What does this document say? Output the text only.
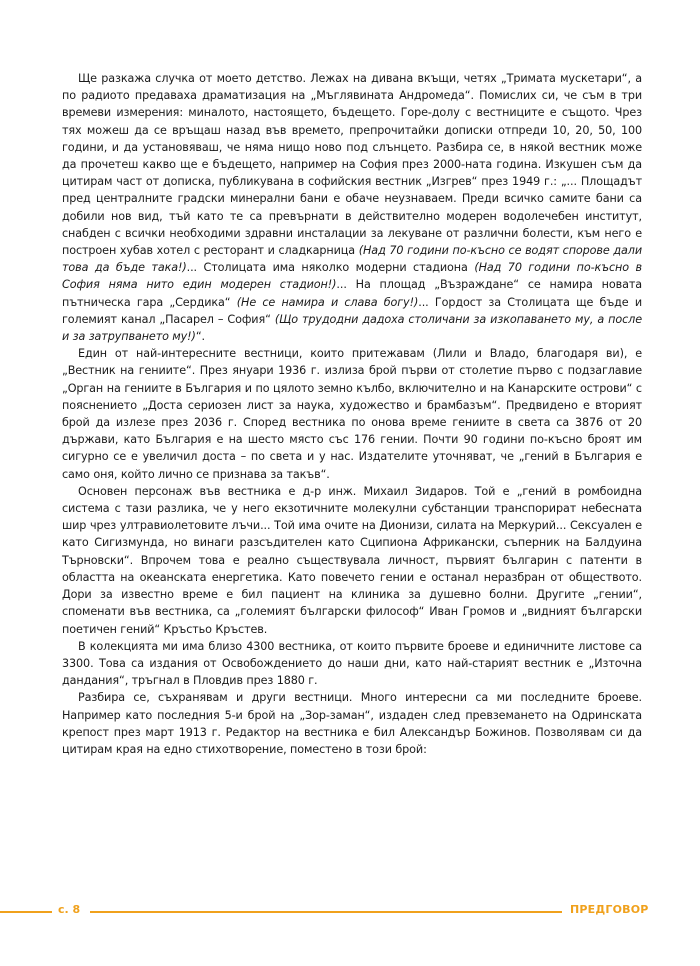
Ще разкажа случка от моето детство. Лежах на дивана вкъщи, четях „Тримата мускетари“, а по радиото предаваха драматизация на „Мъглявината Андромеда“. Помислих си, че съм в три времеви измерения: миналото, настоящето, бъдещето. Горе-долу с вестниците е същото. Чрез тях можеш да се връщаш назад във времето, препрочитайки дописки отпреди 10, 20, 50, 100 години, и да установяваш, че няма нищо ново под слънцето. Разбира се, в някой вестник може да прочетеш какво ще е бъдещето, например на София през 2000-ната година. Изкушен съм да цитирам част от дописка, публикувана в софийския вестник „Изгрев“ през 1949 г.: „... Площадът пред централните градски минерални бани е обаче неузнаваем. Преди всичко самите бани са добили нов вид, тъй като те са превърнати в действително модерен водолечебен институт, снабден с всички необходими здравни инсталации за лекуване от различни болести, към него е построен хубав хотел с ресторант и сладкарница (Над 70 години по-късно се водят спорове дали това да бъде така!)... Столицата има няколко модерни стадиона (Над 70 години по-късно в София няма нито един модерен стадион!)... На площад „Възраждане“ се намира новата пътническа гара „Сердика“ (Не се намира и слава богу!)... Гордост за Столицата ще бъде и големият канал „Пасарел – София“ (Що трудодни дадоха столичани за изкопаването му, а после и за затрупването му!)“.

Един от най-интересните вестници, които притежавам (Лили и Владо, благодаря ви), е „Вестник на гениите“. През януари 1936 г. излиза брой първи от столетие първо с подзаглавие „Орган на гениите в България и по цялото земно кълбо, включително и на Канарските острови“ с пояснението „Доста сериозен лист за наука, художество и брамбазъм“. Предвидено е вторият брой да излезе през 2036 г. Според вестника по онова време гениите в света са 3876 от 20 държави, като България е на шесто място със 176 гении. Почти 90 години по-късно броят им сигурно се е увеличил доста – по света и у нас. Издателите уточняват, че „гений в България е само оня, който лично се признава за такъв“.

Основен персонаж във вестника е д-р инж. Михаил Зидаров. Той е „гений в ромбоидна система с тази разлика, че у него екзотичните молекулни субстанции транспорират небесната шир чрез ултравиолетовите лъчи... Той има очите на Дионизи, силата на Меркурий... Сексуален е като Сигизмунда, но винаги разсъдителен като Сципиона Африкански, съперник на Балдуина Търновски“. Впрочем това е реално съществувала личност, първият българин с патенти в областта на океанската енергетика. Като повечето гении е останал неразбран от обществото. Дори за известно време е бил пациент на клиника за душевно болни. Другите „гении“, споменати във вестника, са „големият български философ“ Иван Громов и „видният български поетичен гений“ Кръстьо Кръстев.

В колекцията ми има близо 4300 вестника, от които първите броеве и единичните листове са 3300. Това са издания от Освобождението до наши дни, като най-старият вестник е „Източна дандания“, тръгнал в Пловдив през 1880 г.

Разбира се, съхранявам и други вестници. Много интересни са ми последните броеве. Например като последния 5-и брой на „Зор-заман“, издаден след превземането на Одринската крепост през март 1913 г. Редактор на вестника е бил Александър Божинов. Позволявам си да цитирам края на едно стихотворение, поместено в този брой:

с. 8	ПРЕДГОВОР
